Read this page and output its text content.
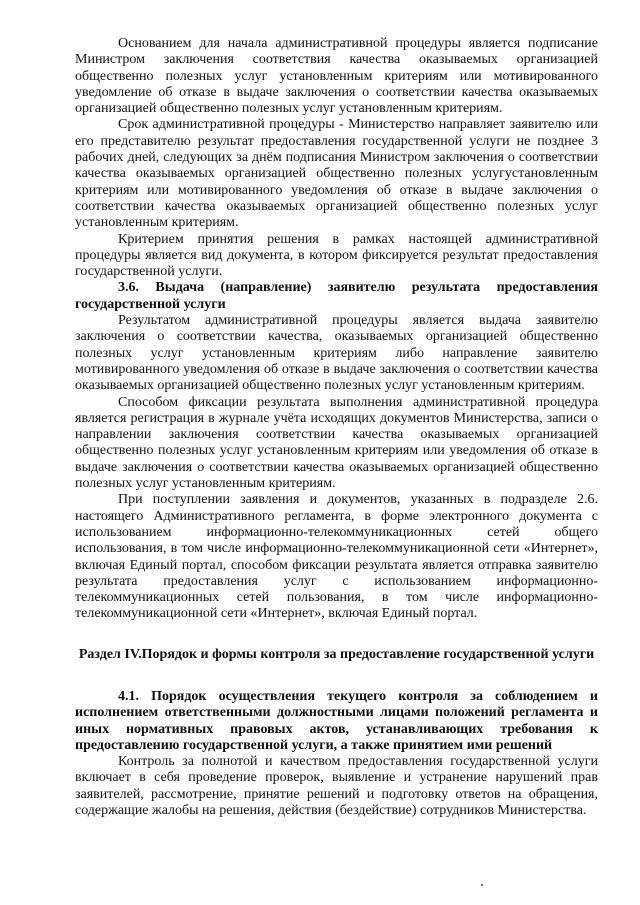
Основанием для начала административной процедуры является подписание Министром заключения соответствия качества оказываемых организацией общественно полезных услуг установленным критериям или мотивированного уведомление об отказе в выдаче заключения о соответствии качества оказываемых организацией общественно полезных услуг установленным критериям.

Срок административной процедуры - Министерство направляет заявителю или его представителю результат предоставления государственной услуги не позднее 3 рабочих дней, следующих за днём подписания Министром заключения о соответствии качества оказываемых организацией общественно полезных услугустановленным критериям или мотивированного уведомления об отказе в выдаче заключения о соответствии качества оказываемых организацией общественно полезных услуг установленным критериям.

Критерием принятия решения в рамках настоящей административной процедуры является вид документа, в котором фиксируется результат предоставления государственной услуги.

3.6. Выдача (направление) заявителю результата предоставления государственной услуги

Результатом административной процедуры является выдача заявителю заключения о соответствии качества, оказываемых организацией общественно полезных услуг установленным критериям либо направление заявителю мотивированного уведомления об отказе в выдаче заключения о соответствии качества оказываемых организацией общественно полезных услуг установленным критериям.

Способом фиксации результата выполнения административной процедура является регистрация в журнале учёта исходящих документов Министерства, записи о направлении заключения соответствии качества оказываемых организацией общественно полезных услуг установленным критериям или уведомления об отказе в выдаче заключения о соответствии качества оказываемых организацией общественно полезных услуг установленным критериям.

При поступлении заявления и документов, указанных в подразделе 2.6. настоящего Административного регламента, в форме электронного документа с использованием информационно-телекоммуникационных сетей общего использования, в том числе информационно-телекоммуникационной сети «Интернет», включая Единый портал, способом фиксации результата является отправка заявителю результата предоставления услуг с использованием информационно-телекоммуникационных сетей пользования, в том числе информационно-телекоммуникационной сети «Интернет», включая Единый портал.

Раздел IV.Порядок и формы контроля за предоставление государственной услуги

4.1. Порядок осуществления текущего контроля за соблюдением и исполнением ответственными должностными лицами положений регламента и иных нормативных правовых актов, устанавливающих требования к предоставлению государственной услуги, а также принятием ими решений

Контроль за полнотой и качеством предоставления государственной услуги включает в себя проведение проверок, выявление и устранение нарушений прав заявителей, рассмотрение, принятие решений и подготовку ответов на обращения, содержащие жалобы на решения, действия (бездействие) сотрудников Министерства.
